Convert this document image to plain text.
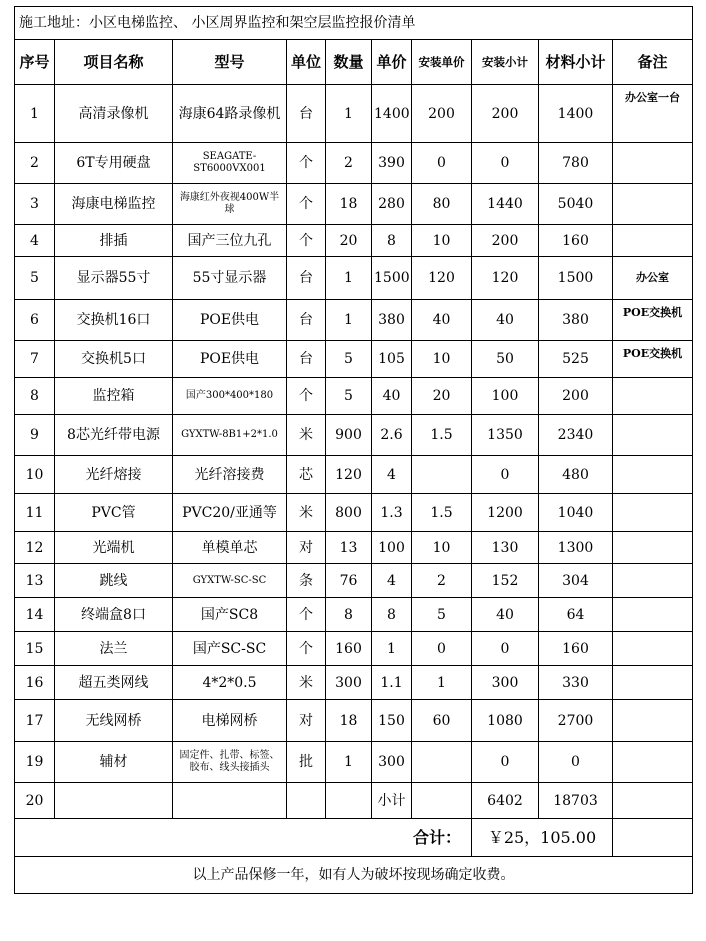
施工地址：小区电梯监控、 小区周界监控和架空层监控报价清单									
序号	项目名称	型号	单位	数量	单价	安装单价	安装小计	材料小计	备注
1	高清录像机	海康64路录像机	台	1	1400	200	200	1400	办公室一台
2	6T专用硬盘	SEAGATE-ST6000VX001	个	2	390	0	0	780	
3	海康电梯监控	海康红外夜视400W半球	个	18	280	80	1440	5040	
4	排插	国产三位九孔	个	20	8	10	200	160	
5	显示器55寸	55寸显示器	台	1	1500	120	120	1500	办公室
6	交换机16口	POE供电	台	1	380	40	40	380	POE交换机
7	交换机5口	POE供电	台	5	105	10	50	525	POE交换机
8	监控箱	国产300*400*180	个	5	40	20	100	200	
9	8芯光纤带电源	GYXTW-8B1+2*1.0	米	900	2.6	1.5	1350	2340	
10	光纤熔接	光纤溶接费	芯	120	4		0	480	
11	PVC管	PVC20/亚通等	米	800	1.3	1.5	1200	1040	
12	光端机	单模单芯	对	13	100	10	130	1300	
13	跳线	GYXTW-SC-SC	条	76	4	2	152	304	
14	终端盒8口	国产SC8	个	8	8	5	40	64	
15	法兰	国产SC-SC	个	160	1	0	0	160	
16	超五类网线	4*2*0.5	米	300	1.1	1	300	330	
17	无线网桥	电梯网桥	对	18	150	60	1080	2700	
19	辅材	固定件、扎带、标签、胶布、线头接插头	批	1	300		0	0	
20					小计		6402	18703	
合计：							￥25，105.00		
以上产品保修一年，如有人为破坏按现场确定收费。									
